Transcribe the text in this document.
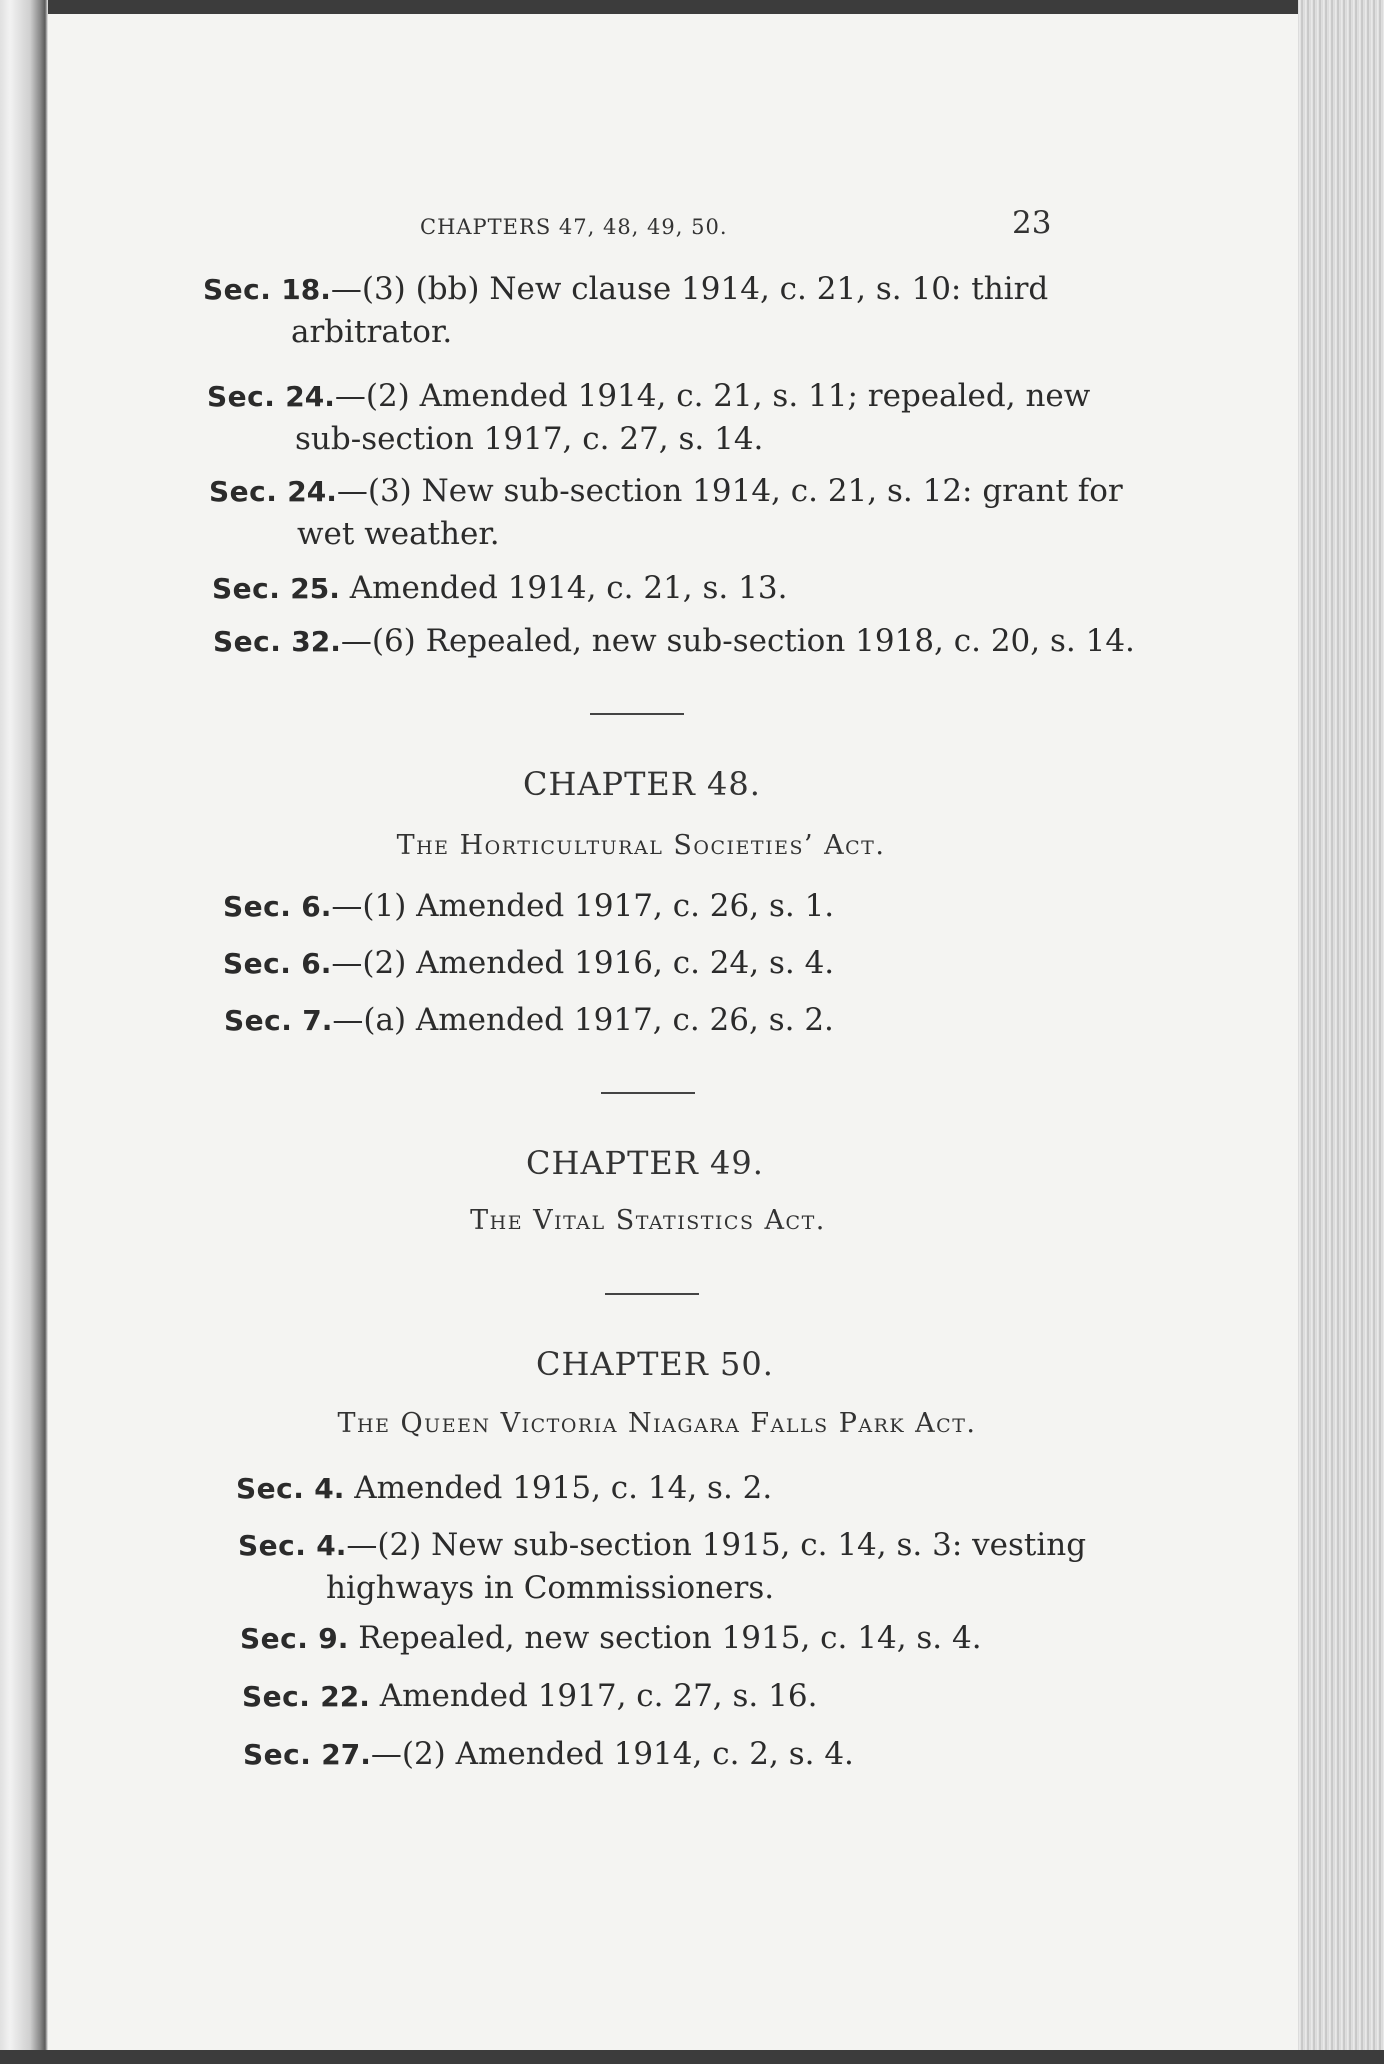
CHAPTERS 47, 48, 49, 50.	23
Sec. 18.—(3) (bb) New clause 1914, c. 21, s. 10: third
arbitrator.
Sec. 24.—(2) Amended 1914, c. 21, s. 11; repealed, new
sub-section 1917, c. 27, s. 14.
Sec. 24.—(3) New sub-section 1914, c. 21, s. 12: grant for
wet weather.
Sec. 25. Amended 1914, c. 21, s. 13.
Sec. 32.—(6) Repealed, new sub-section 1918, c. 20, s. 14.
CHAPTER 48.
The Horticultural Societies’ Act.
Sec. 6.—(1) Amended 1917, c. 26, s. 1.
Sec. 6.—(2) Amended 1916, c. 24, s. 4.
Sec. 7.—(a) Amended 1917, c. 26, s. 2.
CHAPTER 49.
The Vital Statistics Act.
CHAPTER 50.
The Queen Victoria Niagara Falls Park Act.
Sec. 4. Amended 1915, c. 14, s. 2.
Sec. 4.—(2) New sub-section 1915, c. 14, s. 3: vesting
highways in Commissioners.
Sec. 9. Repealed, new section 1915, c. 14, s. 4.
Sec. 22. Amended 1917, c. 27, s. 16.
Sec. 27.—(2) Amended 1914, c. 2, s. 4.
